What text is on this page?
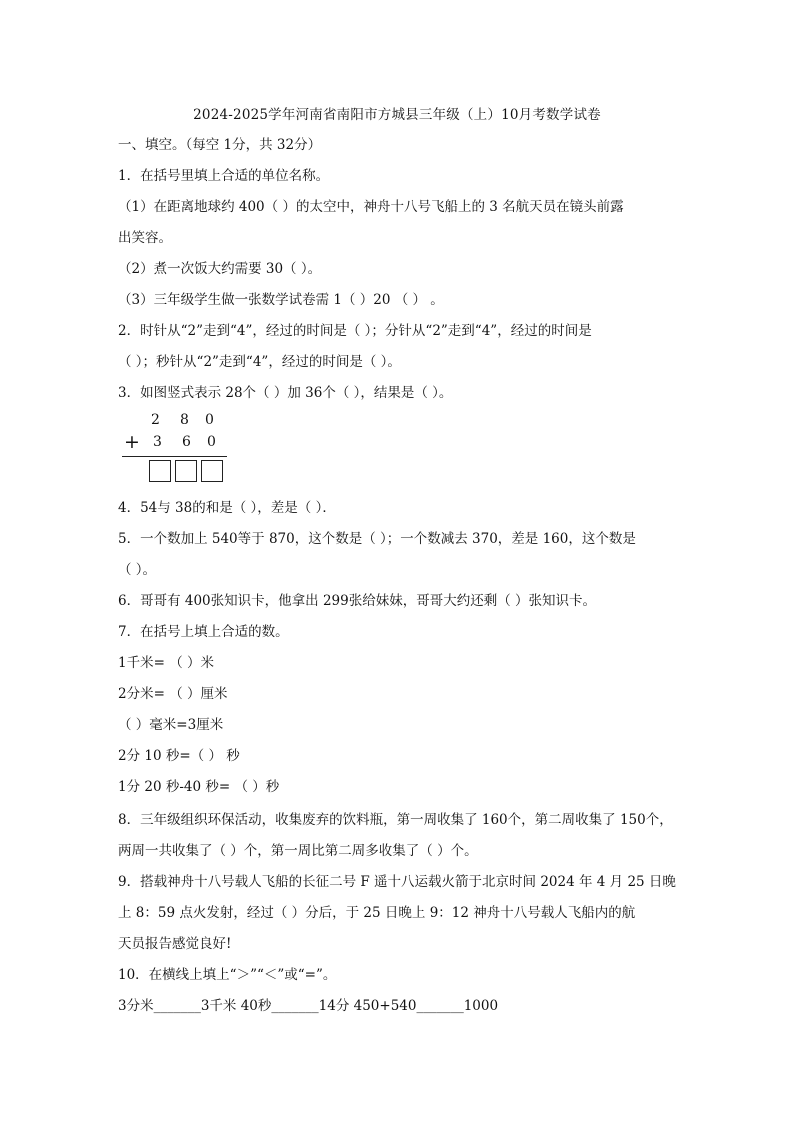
2024-2025学年河南省南阳市方城县三年级（上）10月考数学试卷
一、填空。（每空 1分，共 32分）
1．在括号里填上合适的单位名称。
（1）在距离地球约 400（ ）的太空中，神舟十八号飞船上的 3 名航天员在镜头前露
出笑容。
（2）煮一次饭大约需要 30（ ）。
（3）三年级学生做一张数学试卷需 1（ ）20 （ ） 。
2．时针从“2”走到“4”，经过的时间是（ ）；分针从“2”走到“4”，经过的时间是
（ ）；秒针从“2”走到“4”，经过的时间是（ ）。
3．如图竖式表示 28个（ ）加 36个（ ），结果是（ ）。
2	8	0
+ 3 6 0
4．54与 38的和是（ ），差是（ ）．
5．一个数加上 540等于 870，这个数是（ ）；一个数减去 370，差是 160，这个数是
（ ）。
6．哥哥有 400张知识卡，他拿出 299张给妹妹，哥哥大约还剩（ ）张知识卡。
7．在括号上填上合适的数。
1千米= （ ）米
2分米= （ ）厘米
（ ）毫米=3厘米
2分 10 秒=（ ） 秒
1分 20 秒-40 秒= （ ）秒
8．三年级组织环保活动，收集废弃的饮料瓶，第一周收集了 160个，第二周收集了 150个，
两周一共收集了（ ）个，第一周比第二周多收集了（ ）个。
9．搭载神舟十八号载人飞船的长征二号 F 遥十八运载火箭于北京时间 2024 年 4 月 25 日晚
上 8：59 点火发射，经过（ ）分后，于 25 日晚上 9：12 神舟十八号载人飞船内的航
天员报告感觉良好!
10．在横线上填上“＞”“＜”或“=”。
3分米_______3千米 40秒_______14分 450+540_______1000
